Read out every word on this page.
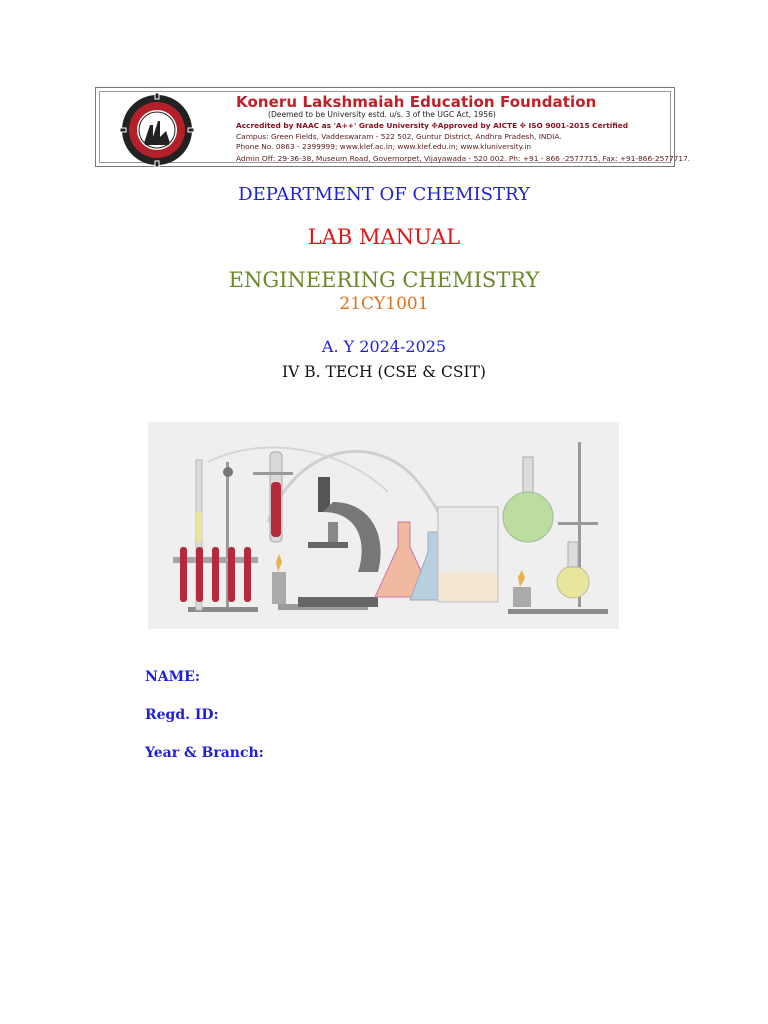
Koneru Lakshmaiah Education Foundation
(Deemed to be University estd. u/s. 3 of the UGC Act, 1956)
Accredited by NAAC as 'A++' Grade University ✥Approved by AICTE ✥ ISO 9001-2015 Certified
Campus: Green Fields, Vaddeswaram - 522 502, Guntur District, Andhra Pradesh, INDIA.
Phone No. 0863 - 2399999; www.klef.ac.in; www.klef.edu.in; www.kluniversity.in
Admin Off: 29-36-38, Museum Road, Governorpet, Vijayawada - 520 002. Ph: +91 - 866 -2577715, Fax: +91-866-2577717.
DEPARTMENT OF CHEMISTRY
LAB MANUAL
ENGINEERING CHEMISTRY
21CY1001
A. Y 2024-2025
IV B. TECH (CSE & CSIT)
NAME:
Regd. ID:
Year & Branch:
